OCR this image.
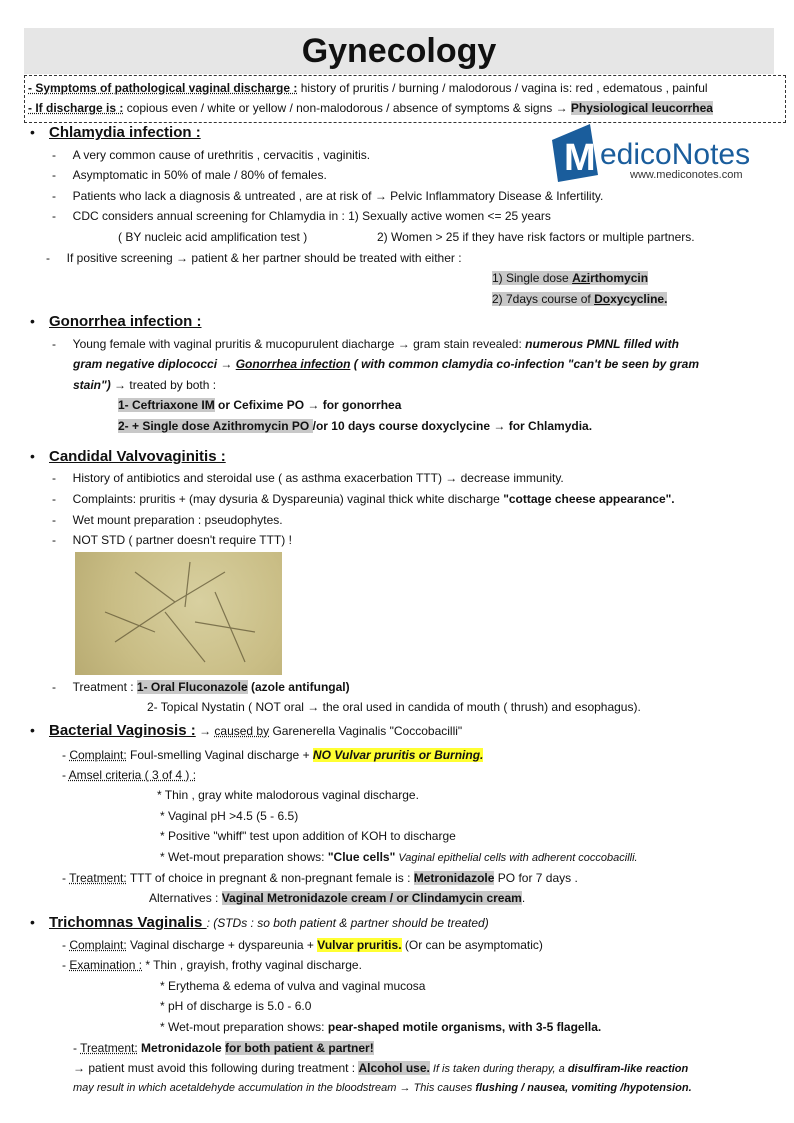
Gynecology
- Symptoms of pathological vaginal discharge : history of pruritis / burning / malodorous / vagina is: red , edematous , painful
- If discharge is : copious even / white or yellow / non-malodorous / absence of symptoms & signs → Physiological leucorrhea
M edicoNotes
www.mediconotes.com
• Chlamydia infection :
-     A very common cause of urethritis , cervacitis , vaginitis.
-     Asymptomatic in 50% of male / 80% of females.
-     Patients who lack a diagnosis & untreated , are at risk of → Pelvic Inflammatory Disease & Infertility.
-     CDC considers annual screening for Chlamydia in : 1) Sexually active women <= 25 years
( BY nucleic acid amplification test )	2) Women > 25 if they have risk factors or multiple partners.
-     If positive screening → patient & her partner should be treated with either :
1) Single dose Azirthomycin
2) 7days course of Doxycycline.
• Gonorrhea infection :
-     Young female with vaginal pruritis & mucopurulent diacharge → gram stain revealed: numerous PMNL filled with
gram negative diplococci → Gonorrhea infection ( with common clamydia co-infection "can't be seen by gram
stain") → treated by both :
1- Ceftriaxone IM or Cefixime PO → for gonorrhea
2- + Single dose Azithromycin PO /or 10 days course doxyclycine → for Chlamydia.
• Candidal Valvovaginitis :
-     History of antibiotics and steroidal use ( as asthma exacerbation TTT) → decrease immunity.
-     Complaints: pruritis + (may dysuria & Dyspareunia) vaginal thick white discharge "cottage cheese appearance".
-     Wet mount preparation : pseudophytes.
-     NOT STD ( partner doesn't require TTT) !
-     Treatment : 1- Oral Fluconazole (azole antifungal)
2- Topical Nystatin ( NOT oral → the oral used in candida of mouth ( thrush) and esophagus).
• Bacterial Vaginosis : → caused by Garenerella Vaginalis "Coccobacilli"
- Complaint: Foul-smelling Vaginal discharge + NO Vulvar pruritis or Burning.
- Amsel criteria ( 3 of 4 ) :
* Thin , gray white malodorous vaginal discharge.
* Vaginal pH >4.5 (5 - 6.5)
* Positive "whiff" test upon addition of KOH to discharge
* Wet-mout preparation shows: "Clue cells" Vaginal epithelial cells with adherent coccobacilli.
- Treatment: TTT of choice in pregnant & non-pregnant female is : Metronidazole PO for 7 days .
Alternatives : Vaginal Metronidazole cream / or Clindamycin cream.
• Trichomnas Vaginalis : (STDs : so both patient & partner should be treated)
- Complaint: Vaginal discharge + dyspareunia + Vulvar pruritis. (Or can be asymptomatic)
- Examination : * Thin , grayish, frothy vaginal discharge.
* Erythema & edema of vulva and vaginal mucosa
* pH of discharge is 5.0 - 6.0
* Wet-mout preparation shows: pear-shaped motile organisms, with 3-5 flagella.
- Treatment: Metronidazole for both patient & partner!
→ patient must avoid this following during treatment : Alcohol use. If is taken during therapy, a disulfiram-like reaction
may result in which acetaldehyde accumulation in the bloodstream → This causes flushing / nausea, vomiting /hypotension.
